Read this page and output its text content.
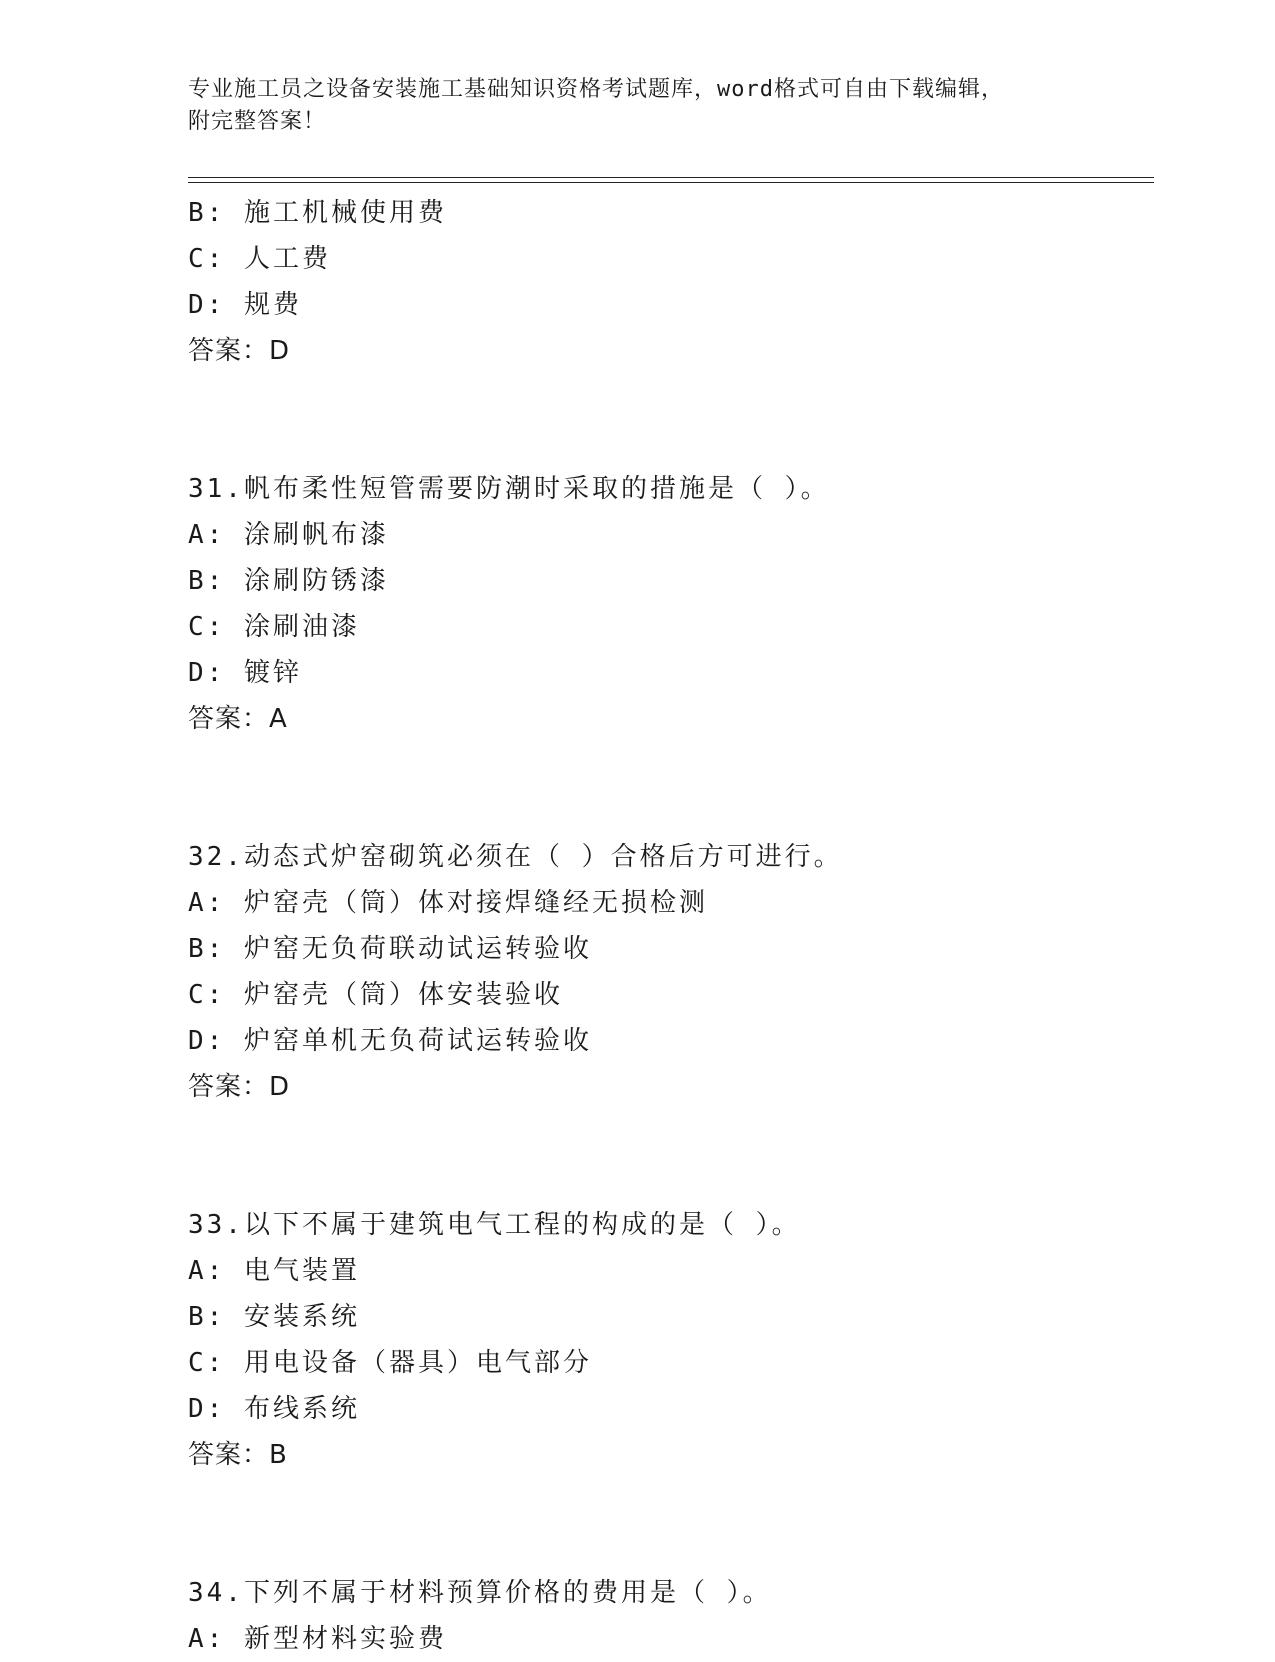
专业施工员之设备安装施工基础知识资格考试题库，word格式可自由下载编辑，
附完整答案！
B: 施工机械使用费
C: 人工费
D: 规费
答案：D
31.帆布柔性短管需要防潮时采取的措施是（ ）。
A: 涂刷帆布漆
B: 涂刷防锈漆
C: 涂刷油漆
D: 镀锌
答案：A
32.动态式炉窑砌筑必须在（ ）合格后方可进行。
A: 炉窑壳（筒）体对接焊缝经无损检测
B: 炉窑无负荷联动试运转验收
C: 炉窑壳（筒）体安装验收
D: 炉窑单机无负荷试运转验收
答案：D
33.以下不属于建筑电气工程的构成的是（ ）。
A: 电气装置
B: 安装系统
C: 用电设备（器具）电气部分
D: 布线系统
答案：B
34.下列不属于材料预算价格的费用是（ ）。
A: 新型材料实验费
